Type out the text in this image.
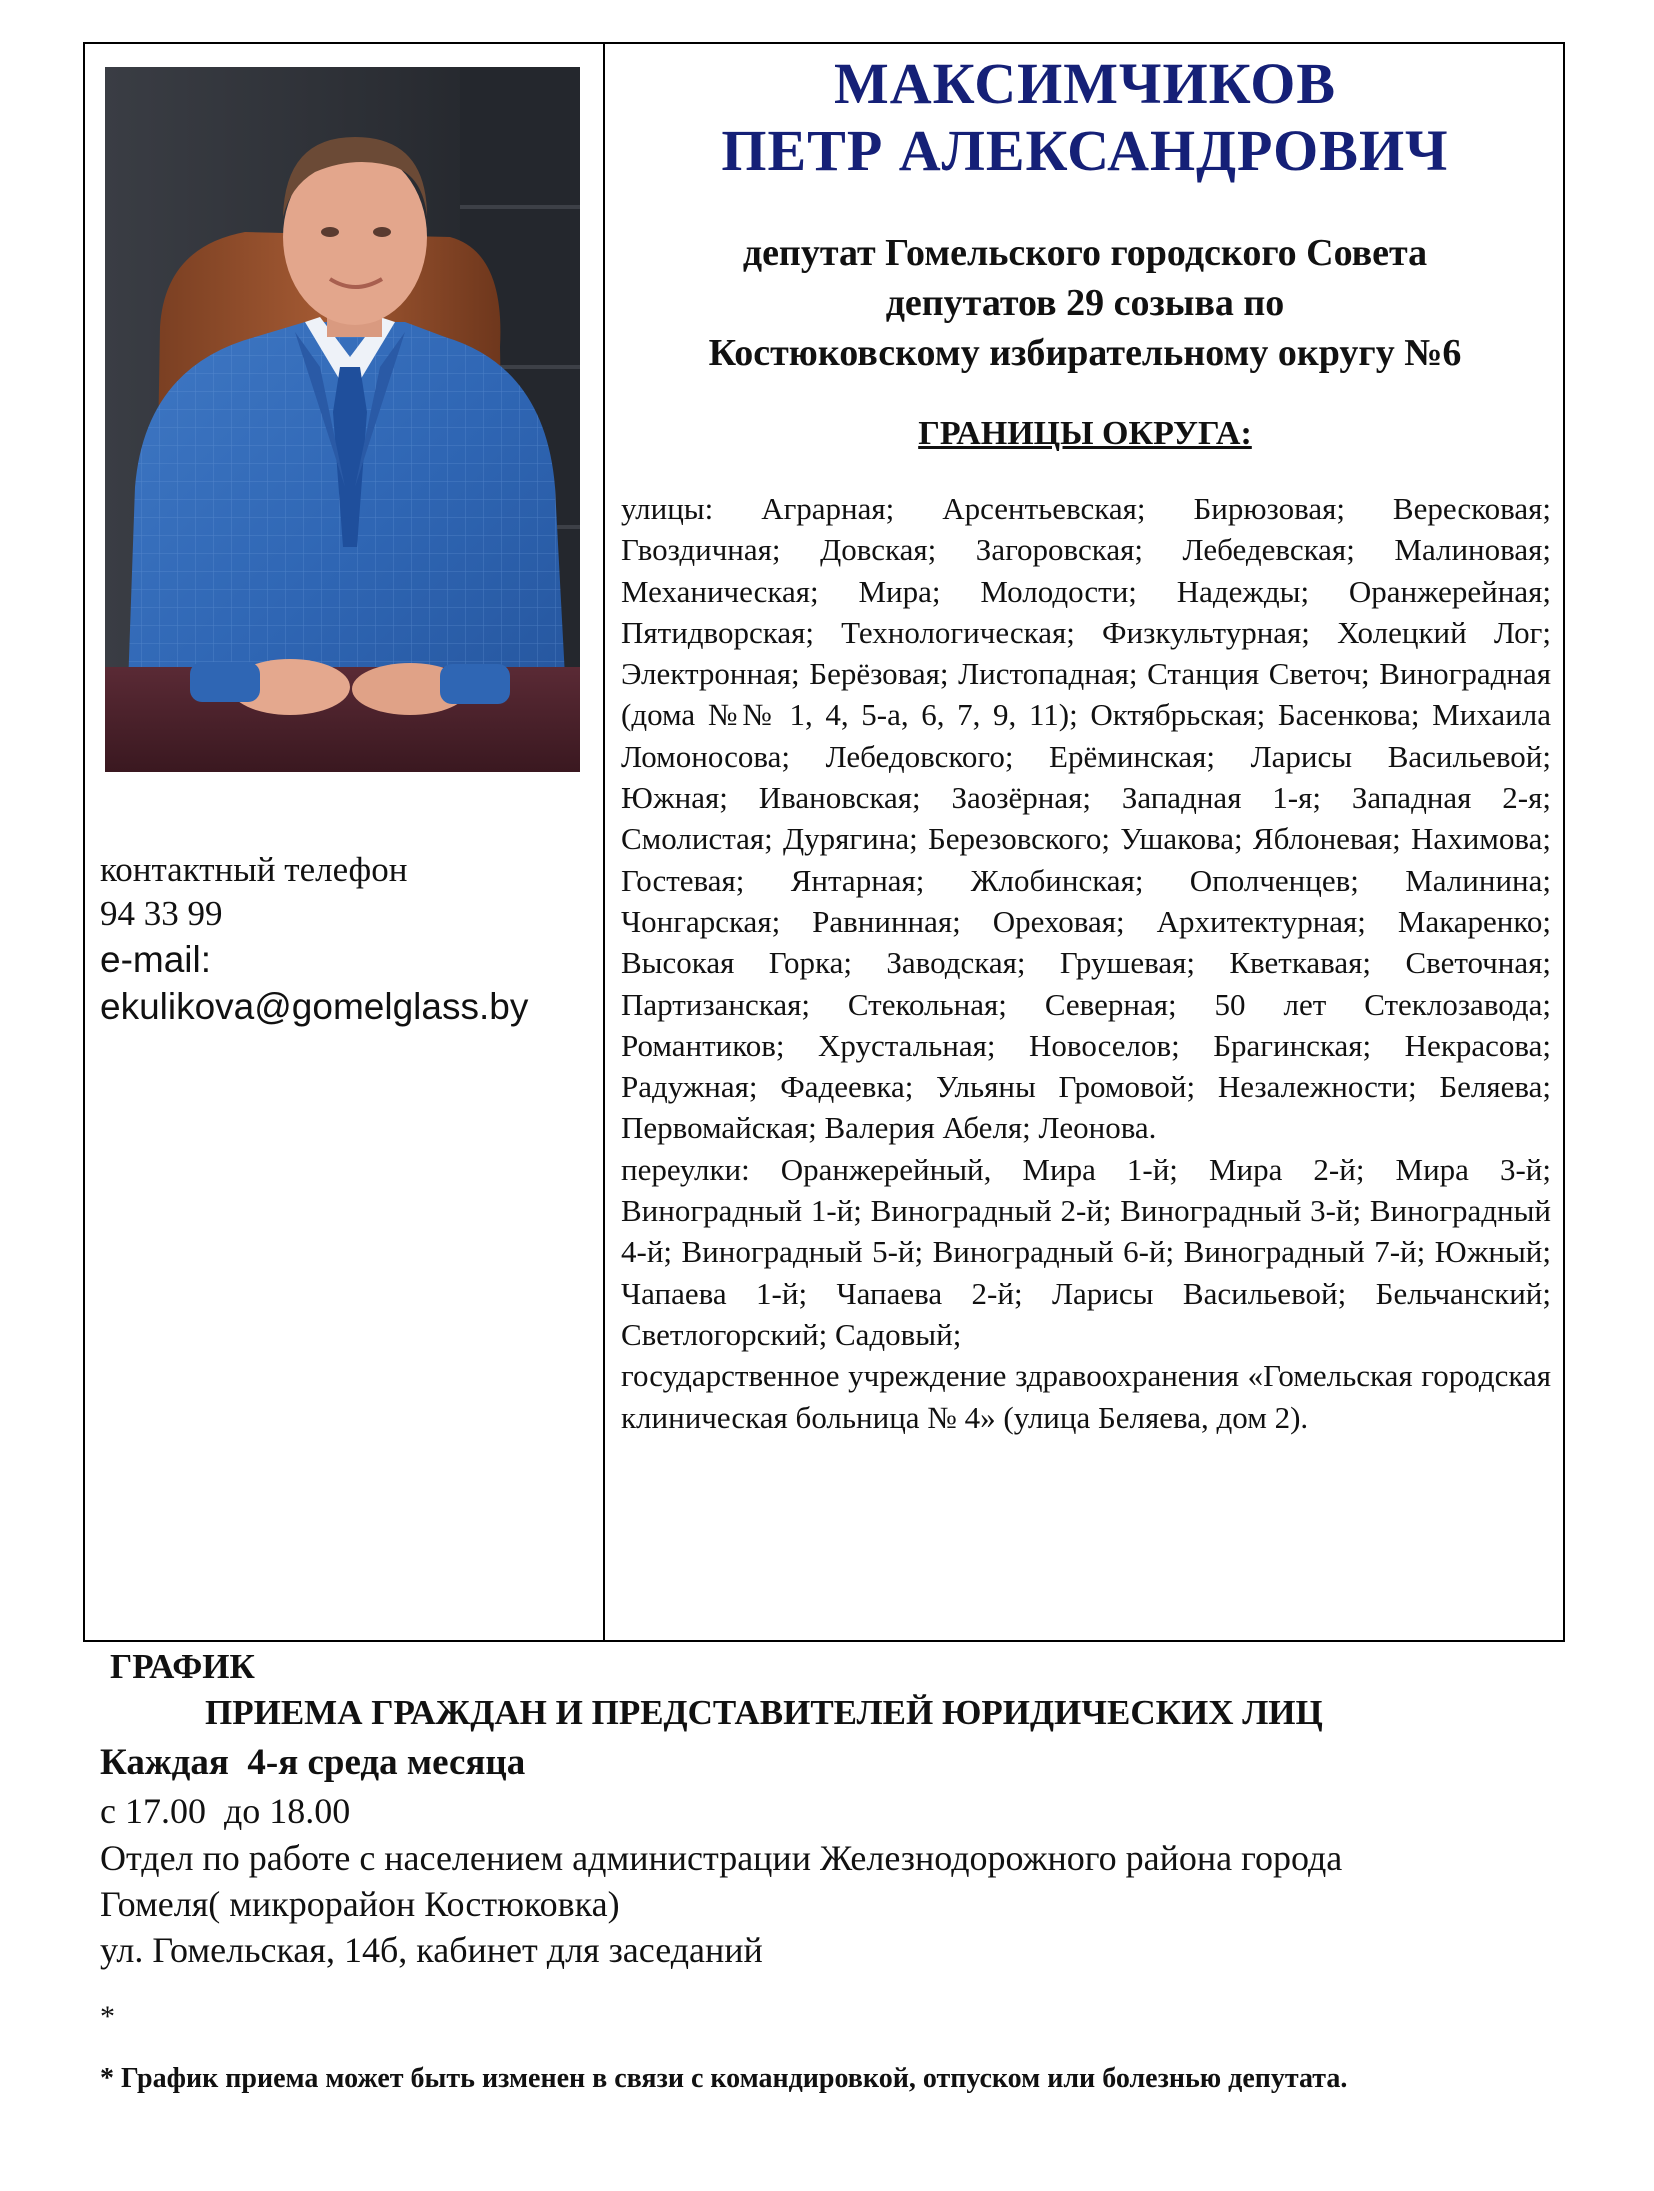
контактный телефон
94 33 99
e-mail:
ekulikova@gomelglass.by
МАКСИМЧИКОВ
ПЕТР АЛЕКСАНДРОВИЧ
депутат Гомельского городского Совета
депутатов 29 созыва по
Костюковскому избирательному округу №6
ГРАНИЦЫ ОКРУГА:

улицы: Аграрная; Арсентьевская; Бирюзовая; Вересковая; Гвоздичная; Довская; Загоровская; Лебедевская; Малиновая; Механическая; Мира; Молодости; Надежды; Оранжерейная; Пятидворская; Технологическая; Физкультурная; Холецкий Лог; Электронная; Берёзовая; Листопадная; Станция Светоч; Виноградная (дома №№ 1, 4, 5-а, 6, 7, 9, 11); Октябрьская; Басенкова; Михаила Ломоносова; Лебедовского; Ерёминская; Ларисы Васильевой; Южная; Ивановская; Заозёрная; Западная 1-я; Западная 2-я; Смолистая; Дурягина; Березовского; Ушакова; Яблоневая; Нахимова; Гостевая; Янтарная; Жлобинская; Ополченцев; Малинина; Чонгарская; Равнинная; Ореховая; Архитектурная; Макаренко; Высокая Горка; Заводская; Грушевая; Кветкавая; Светочная; Партизанская; Стекольная; Северная; 50 лет Стеклозавода; Романтиков; Хрустальная; Новоселов; Брагинская; Некрасова; Радужная; Фадеевка; Ульяны Громовой; Незалежности; Беляева; Первомайская; Валерия Абеля; Леонова.

переулки: Оранжерейный, Мира 1-й; Мира 2-й; Мира 3-й; Виноградный 1-й; Виноградный 2-й; Виноградный 3-й; Виноградный 4-й; Виноградный 5-й; Виноградный 6-й; Виноградный 7-й; Южный; Чапаева 1-й; Чапаева 2-й; Ларисы Васильевой; Бельчанский; Светлогорский; Садовый;

государственное учреждение здравоохранения «Гомельская городская клиническая больница № 4» (улица Беляева, дом 2).

ГРАФИК
ПРИЕМА ГРАЖДАН И ПРЕДСТАВИТЕЛЕЙ ЮРИДИЧЕСКИХ ЛИЦ
Каждая  4-я среда месяца
с 17.00  до 18.00
Отдел по работе с населением администрации Железнодорожного района города
Гомеля( микрорайон Костюковка)
ул. Гомельская, 14б, кабинет для заседаний
*
* График приема может быть изменен в связи с командировкой, отпуском или болезнью депутата.
